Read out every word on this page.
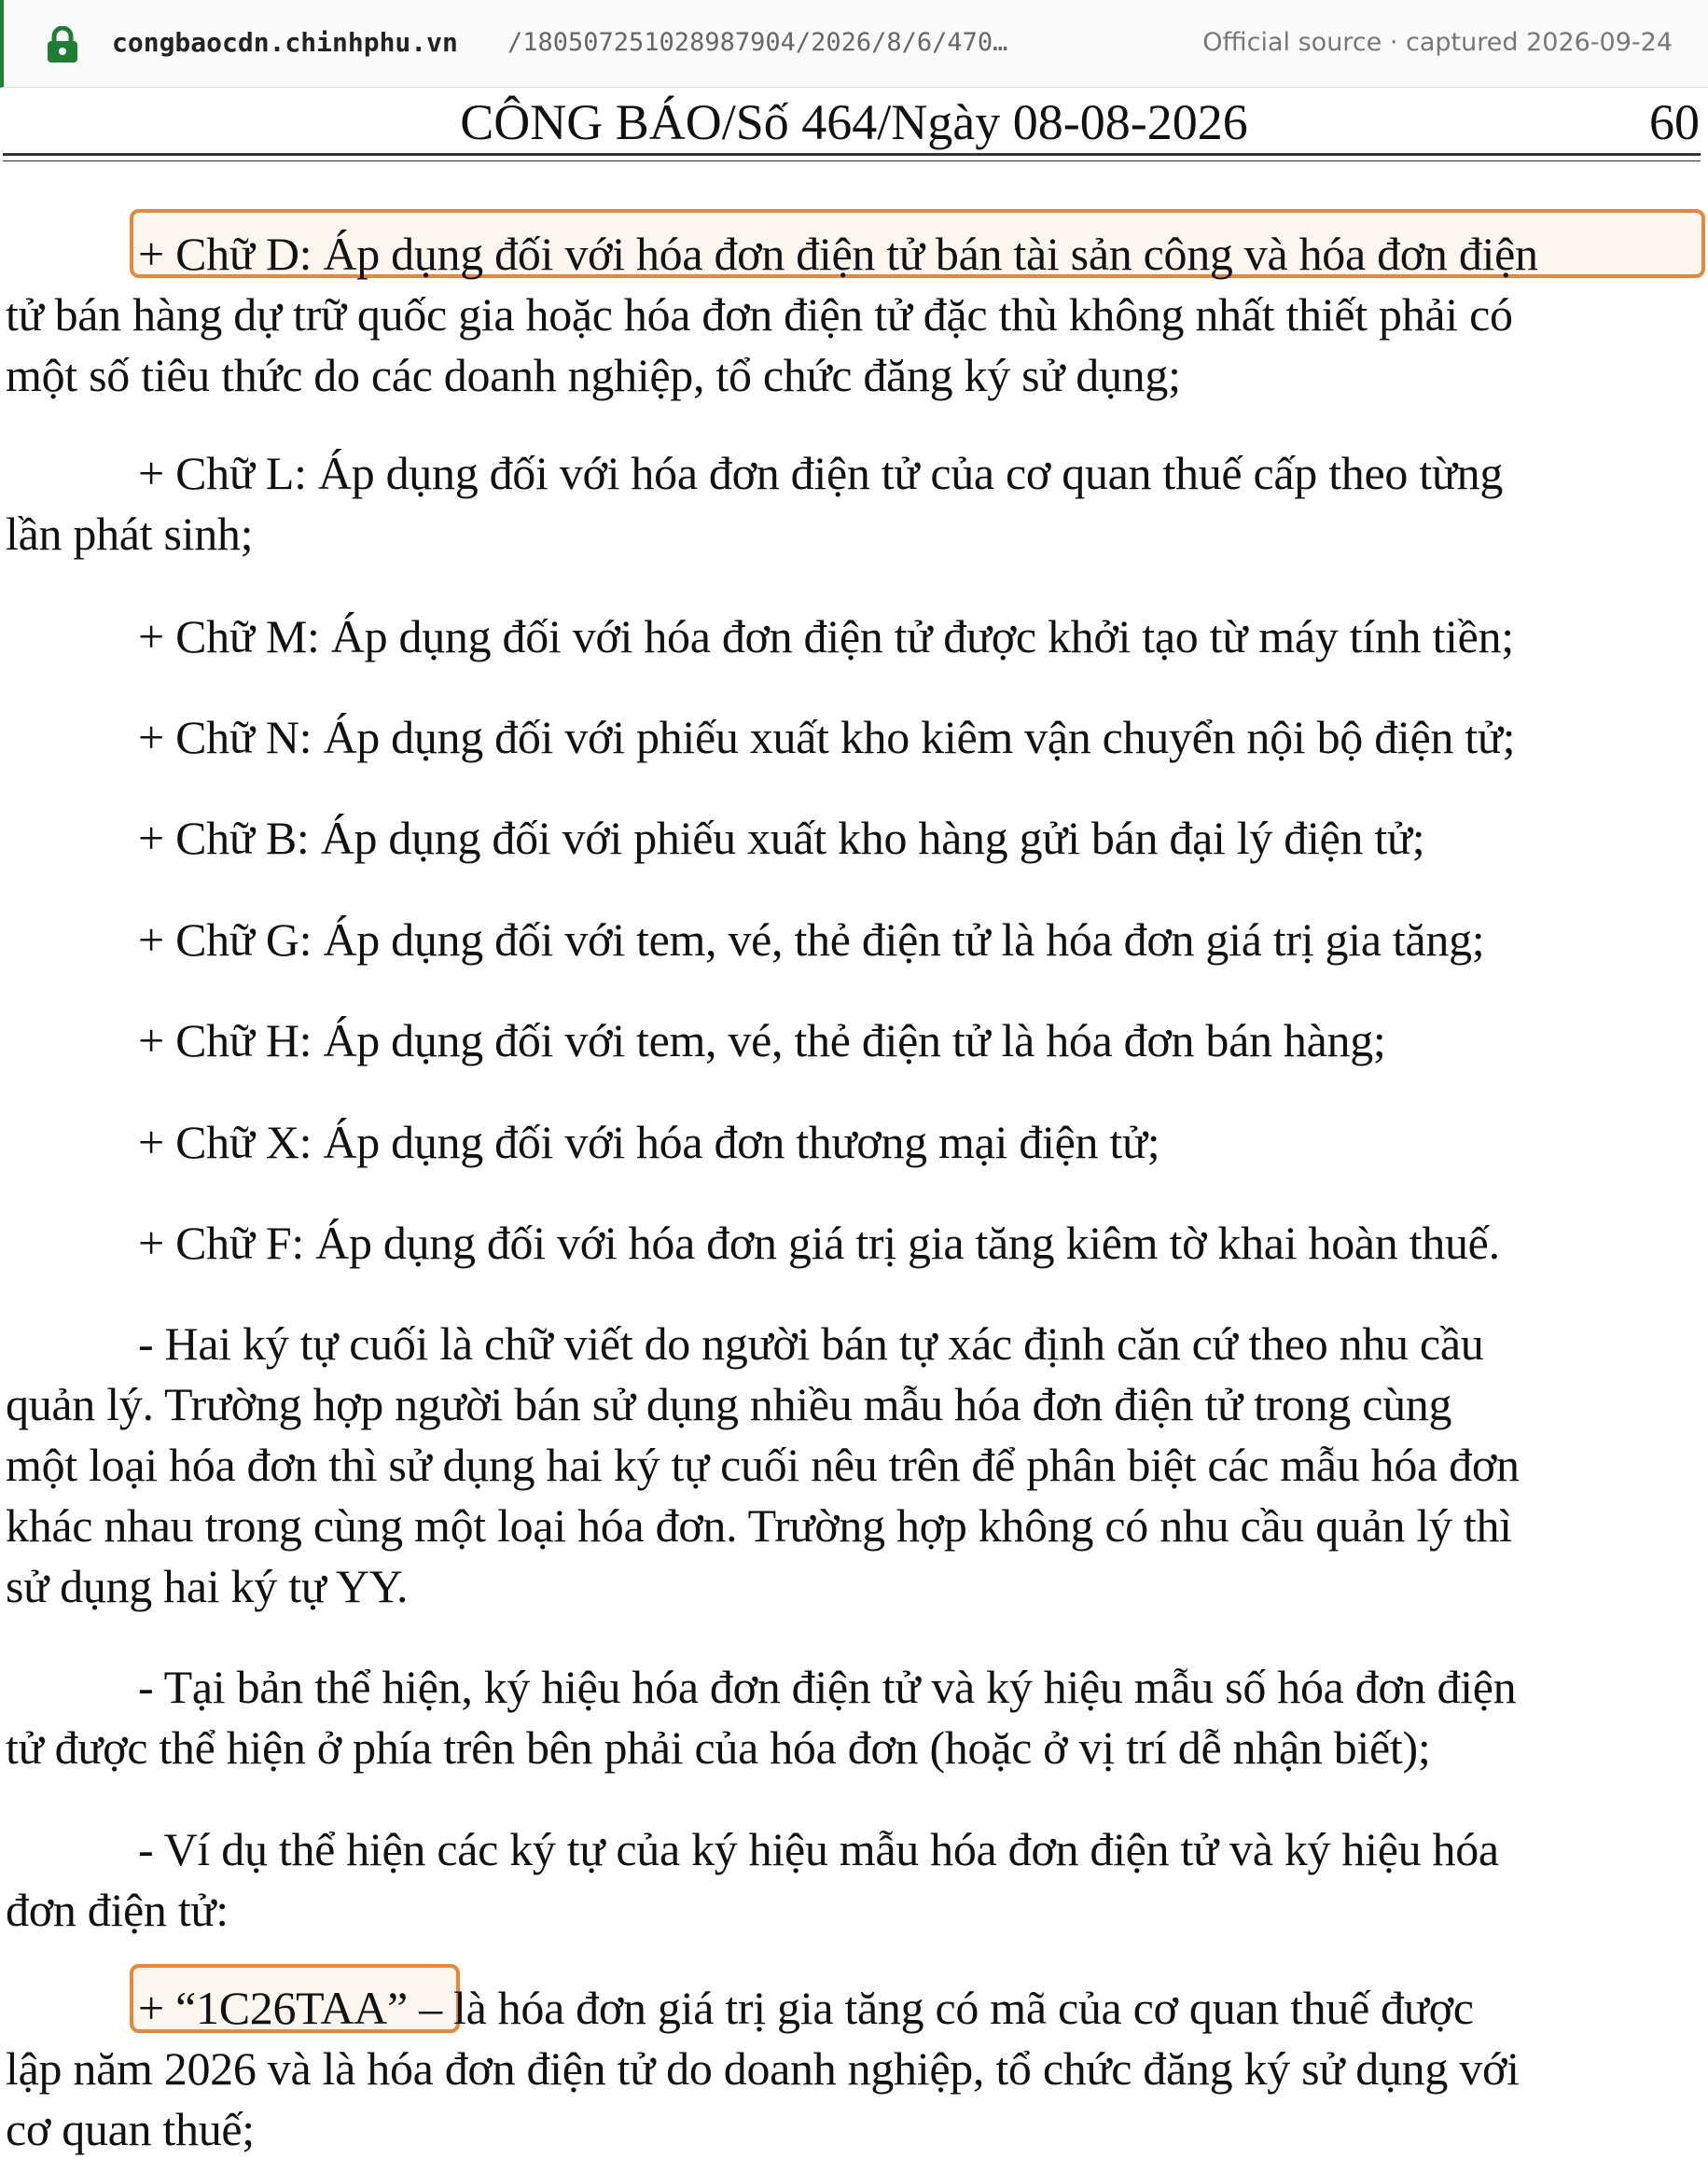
congbaocdn.chinhphu.vn /180507251028987904/2026/8/6/470…	Official source · captured 2026-09-24
CÔNG BÁO/Số 464/Ngày 08-08-2026	60
+ Chữ D: Áp dụng đối với hóa đơn điện tử bán tài sản công và hóa đơn điện
tử bán hàng dự trữ quốc gia hoặc hóa đơn điện tử đặc thù không nhất thiết phải có
một số tiêu thức do các doanh nghiệp, tổ chức đăng ký sử dụng;
+ Chữ L: Áp dụng đối với hóa đơn điện tử của cơ quan thuế cấp theo từng
lần phát sinh;
+ Chữ M: Áp dụng đối với hóa đơn điện tử được khởi tạo từ máy tính tiền;
+ Chữ N: Áp dụng đối với phiếu xuất kho kiêm vận chuyển nội bộ điện tử;
+ Chữ B: Áp dụng đối với phiếu xuất kho hàng gửi bán đại lý điện tử;
+ Chữ G: Áp dụng đối với tem, vé, thẻ điện tử là hóa đơn giá trị gia tăng;
+ Chữ H: Áp dụng đối với tem, vé, thẻ điện tử là hóa đơn bán hàng;
+ Chữ X: Áp dụng đối với hóa đơn thương mại điện tử;
+ Chữ F: Áp dụng đối với hóa đơn giá trị gia tăng kiêm tờ khai hoàn thuế.
- Hai ký tự cuối là chữ viết do người bán tự xác định căn cứ theo nhu cầu
quản lý. Trường hợp người bán sử dụng nhiều mẫu hóa đơn điện tử trong cùng
một loại hóa đơn thì sử dụng hai ký tự cuối nêu trên để phân biệt các mẫu hóa đơn
khác nhau trong cùng một loại hóa đơn. Trường hợp không có nhu cầu quản lý thì
sử dụng hai ký tự YY.
- Tại bản thể hiện, ký hiệu hóa đơn điện tử và ký hiệu mẫu số hóa đơn điện
tử được thể hiện ở phía trên bên phải của hóa đơn (hoặc ở vị trí dễ nhận biết);
- Ví dụ thể hiện các ký tự của ký hiệu mẫu hóa đơn điện tử và ký hiệu hóa
đơn điện tử:
+ “1C26TAA” – là hóa đơn giá trị gia tăng có mã của cơ quan thuế được
lập năm 2026 và là hóa đơn điện tử do doanh nghiệp, tổ chức đăng ký sử dụng với
cơ quan thuế;
